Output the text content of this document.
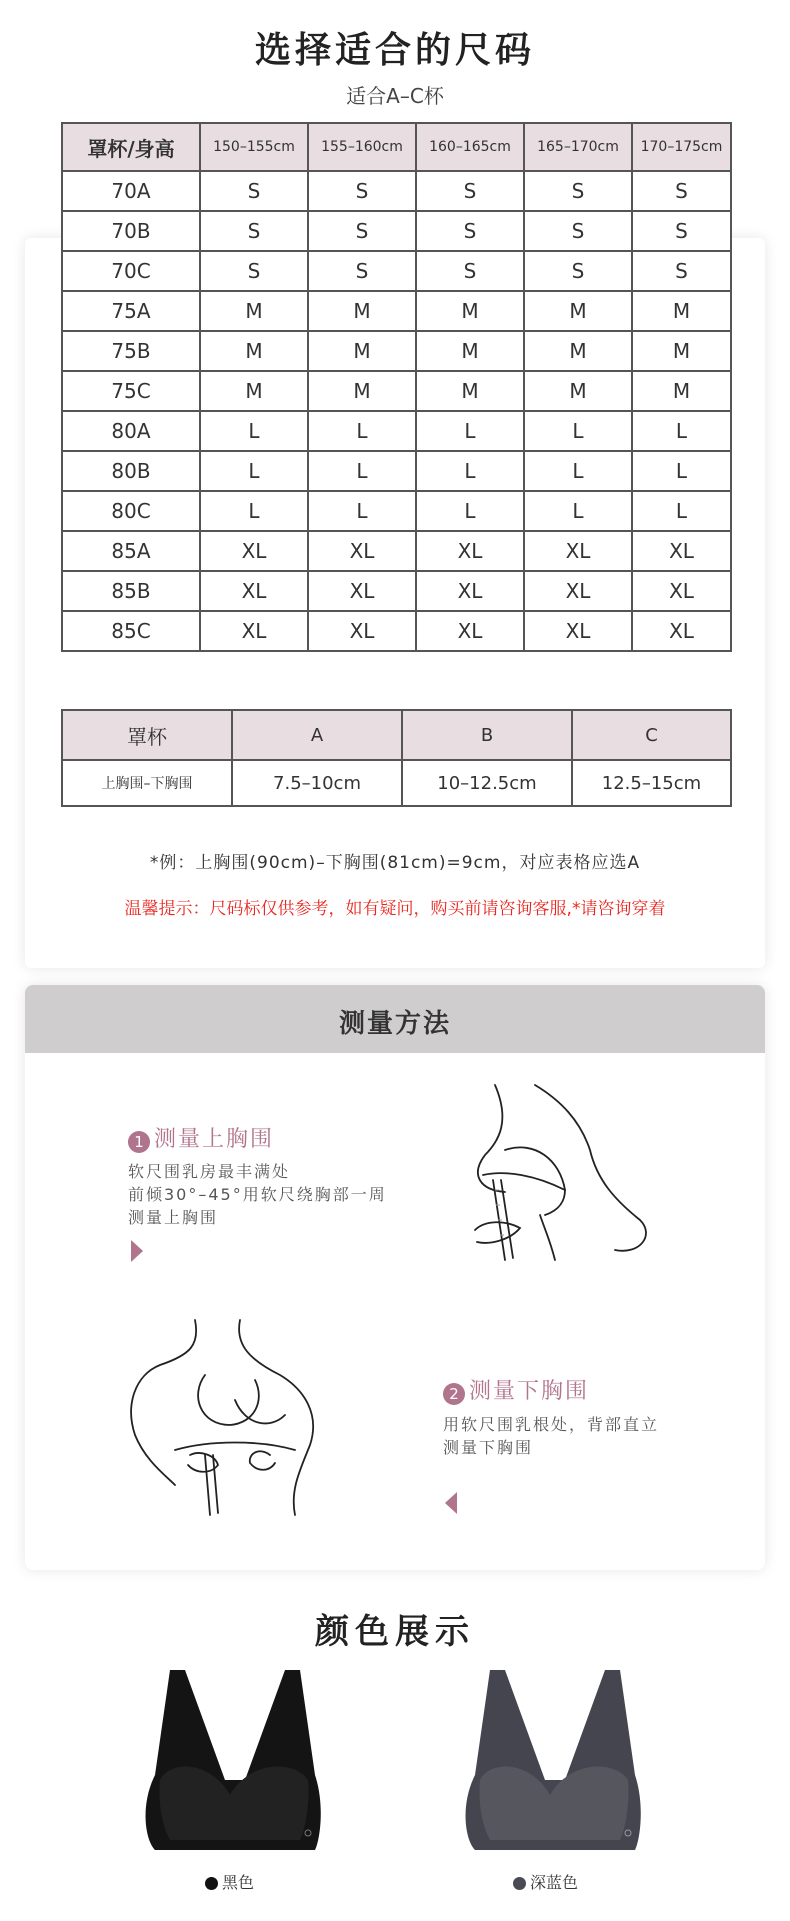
选择适合的尺码
适合A–C杯
罩杯/身高	150–155cm	155–160cm	160–165cm	165–170cm	170–175cm
70A	S	S	S	S	S
70B	S	S	S	S	S
70C	S	S	S	S	S
75A	M	M	M	M	M
75B	M	M	M	M	M
75C	M	M	M	M	M
80A	L	L	L	L	L
80B	L	L	L	L	L
80C	L	L	L	L	L
85A	XL	XL	XL	XL	XL
85B	XL	XL	XL	XL	XL
85C	XL	XL	XL	XL	XL
罩杯	A	B	C
上胸围–下胸围	7.5–10cm	10–12.5cm	12.5–15cm
*例：上胸围(90cm)–下胸围(81cm)=9cm，对应表格应选A
温馨提示：尺码标仅供参考，如有疑问，购买前请咨询客服,*请咨询穿着
测量方法
1 测量上胸围
软尺围乳房最丰满处
前倾30°–45°用软尺绕胸部一周
测量上胸围
2 测量下胸围
用软尺围乳根处，背部直立
测量下胸围
颜色展示
黑色	深蓝色
